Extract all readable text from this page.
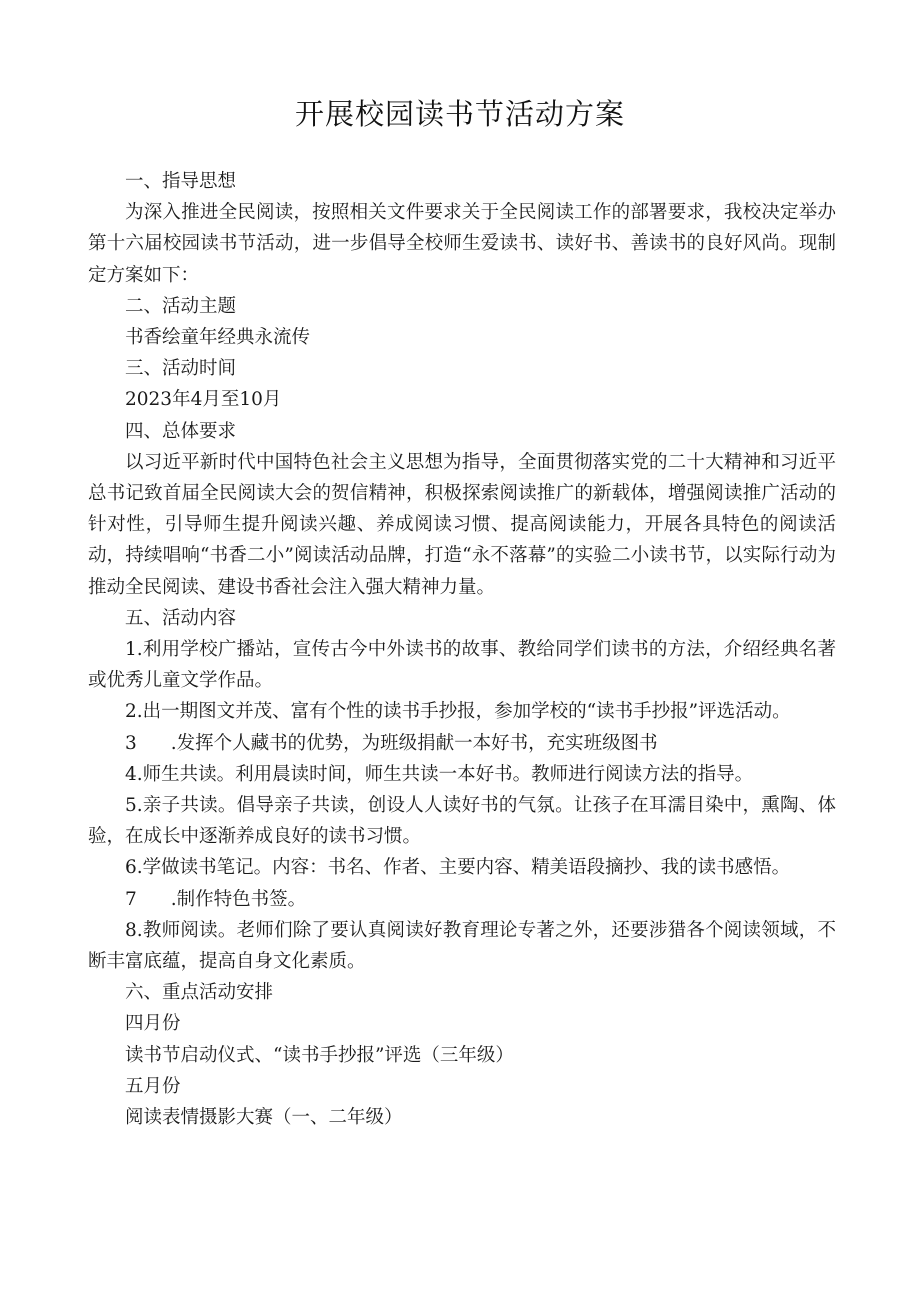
开展校园读书节活动方案

一、指导思想

为深入推进全民阅读，按照相关文件要求关于全民阅读工作的部署要求，我校决定举办第十六届校园读书节活动，进一步倡导全校师生爱读书、读好书、善读书的良好风尚。现制定方案如下：

二、活动主题

书香绘童年经典永流传

三、活动时间

2023年4月至10月

四、总体要求

以习近平新时代中国特色社会主义思想为指导，全面贯彻落实党的二十大精神和习近平总书记致首届全民阅读大会的贺信精神，积极探索阅读推广的新载体，增强阅读推广活动的针对性，引导师生提升阅读兴趣、养成阅读习惯、提高阅读能力，开展各具特色的阅读活动，持续唱响“书香二小”阅读活动品牌，打造“永不落幕”的实验二小读书节，以实际行动为推动全民阅读、建设书香社会注入强大精神力量。

五、活动内容

1.利用学校广播站，宣传古今中外读书的故事、教给同学们读书的方法，介绍经典名著或优秀儿童文学作品。

2.出一期图文并茂、富有个性的读书手抄报，参加学校的“读书手抄报”评选活动。

3 .发挥个人藏书的优势，为班级捐献一本好书，充实班级图书

4.师生共读。利用晨读时间，师生共读一本好书。教师进行阅读方法的指导。

5.亲子共读。倡导亲子共读，创设人人读好书的气氛。让孩子在耳濡目染中，熏陶、体验，在成长中逐渐养成良好的读书习惯。

6.学做读书笔记。内容：书名、作者、主要内容、精美语段摘抄、我的读书感悟。

7 .制作特色书签。

8.教师阅读。老师们除了要认真阅读好教育理论专著之外，还要涉猎各个阅读领域，不断丰富底蕴，提高自身文化素质。

六、重点活动安排

四月份

读书节启动仪式、“读书手抄报”评选（三年级）

五月份

阅读表情摄影大赛（一、二年级）
